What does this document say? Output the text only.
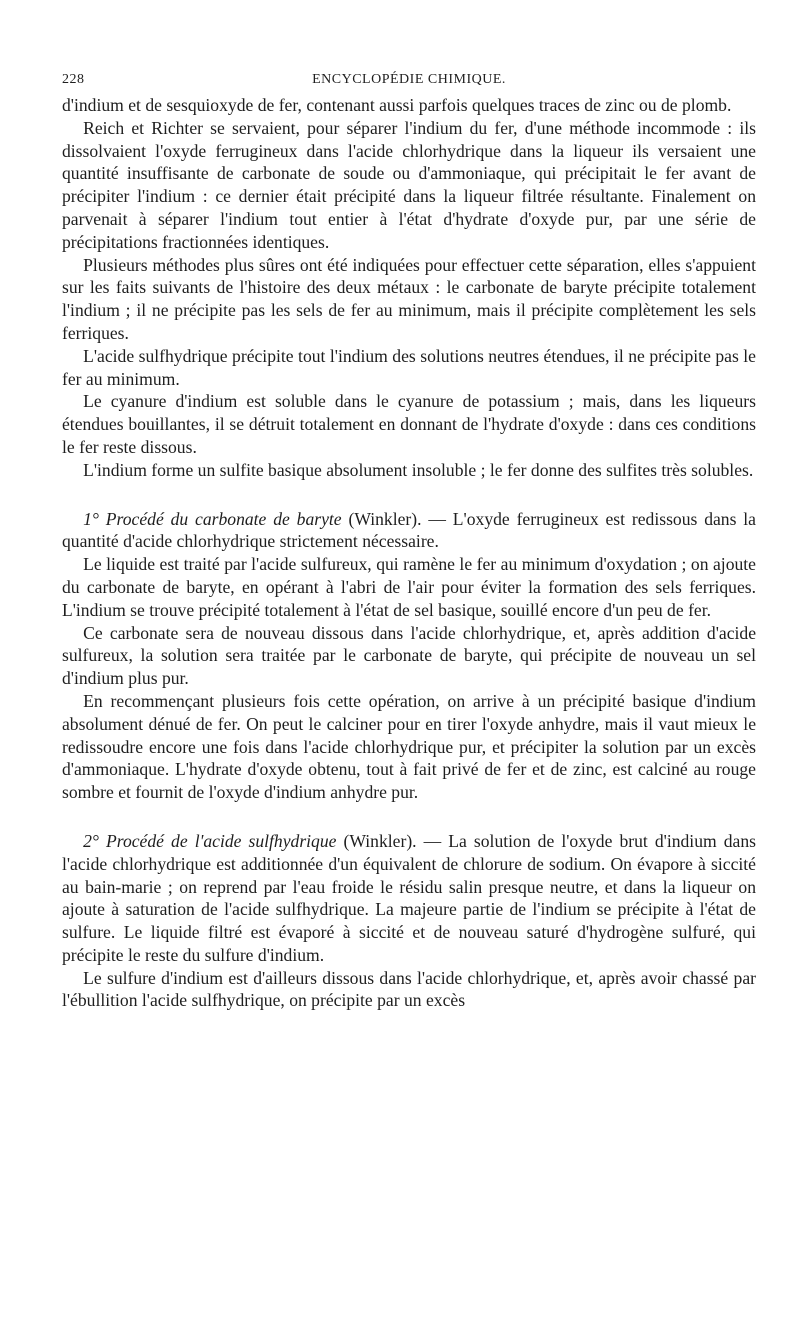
228	ENCYCLOPÉDIE CHIMIQUE.

d'indium et de sesquioxyde de fer, contenant aussi parfois quelques traces de zinc ou de plomb.

Reich et Richter se servaient, pour séparer l'indium du fer, d'une méthode incommode : ils dissolvaient l'oxyde ferrugineux dans l'acide chlorhydrique dans la liqueur ils versaient une quantité insuffisante de carbonate de soude ou d'ammoniaque, qui précipitait le fer avant de précipiter l'indium : ce dernier était précipité dans la liqueur filtrée résultante. Finalement on parvenait à séparer l'indium tout entier à l'état d'hydrate d'oxyde pur, par une série de précipitations fractionnées identiques.

Plusieurs méthodes plus sûres ont été indiquées pour effectuer cette séparation, elles s'appuient sur les faits suivants de l'histoire des deux métaux : le carbonate de baryte précipite totalement l'indium ; il ne précipite pas les sels de fer au minimum, mais il précipite complètement les sels ferriques.

L'acide sulfhydrique précipite tout l'indium des solutions neutres étendues, il ne précipite pas le fer au minimum.

Le cyanure d'indium est soluble dans le cyanure de potassium ; mais, dans les liqueurs étendues bouillantes, il se détruit totalement en donnant de l'hydrate d'oxyde : dans ces conditions le fer reste dissous.

L'indium forme un sulfite basique absolument insoluble ; le fer donne des sulfites très solubles.

1° Procédé du carbonate de baryte (Winkler). — L'oxyde ferrugineux est redissous dans la quantité d'acide chlorhydrique strictement nécessaire.

Le liquide est traité par l'acide sulfureux, qui ramène le fer au minimum d'oxydation ; on ajoute du carbonate de baryte, en opérant à l'abri de l'air pour éviter la formation des sels ferriques. L'indium se trouve précipité totalement à l'état de sel basique, souillé encore d'un peu de fer.

Ce carbonate sera de nouveau dissous dans l'acide chlorhydrique, et, après addition d'acide sulfureux, la solution sera traitée par le carbonate de baryte, qui précipite de nouveau un sel d'indium plus pur.

En recommençant plusieurs fois cette opération, on arrive à un précipité basique d'indium absolument dénué de fer. On peut le calciner pour en tirer l'oxyde anhydre, mais il vaut mieux le redissoudre encore une fois dans l'acide chlorhydrique pur, et précipiter la solution par un excès d'ammoniaque. L'hydrate d'oxyde obtenu, tout à fait privé de fer et de zinc, est calciné au rouge sombre et fournit de l'oxyde d'indium anhydre pur.

2° Procédé de l'acide sulfhydrique (Winkler). — La solution de l'oxyde brut d'indium dans l'acide chlorhydrique est additionnée d'un équivalent de chlorure de sodium. On évapore à siccité au bain-marie ; on reprend par l'eau froide le résidu salin presque neutre, et dans la liqueur on ajoute à saturation de l'acide sulfhydrique. La majeure partie de l'indium se précipite à l'état de sulfure. Le liquide filtré est évaporé à siccité et de nouveau saturé d'hydrogène sulfuré, qui précipite le reste du sulfure d'indium.

Le sulfure d'indium est d'ailleurs dissous dans l'acide chlorhydrique, et, après avoir chassé par l'ébullition l'acide sulfhydrique, on précipite par un excès
